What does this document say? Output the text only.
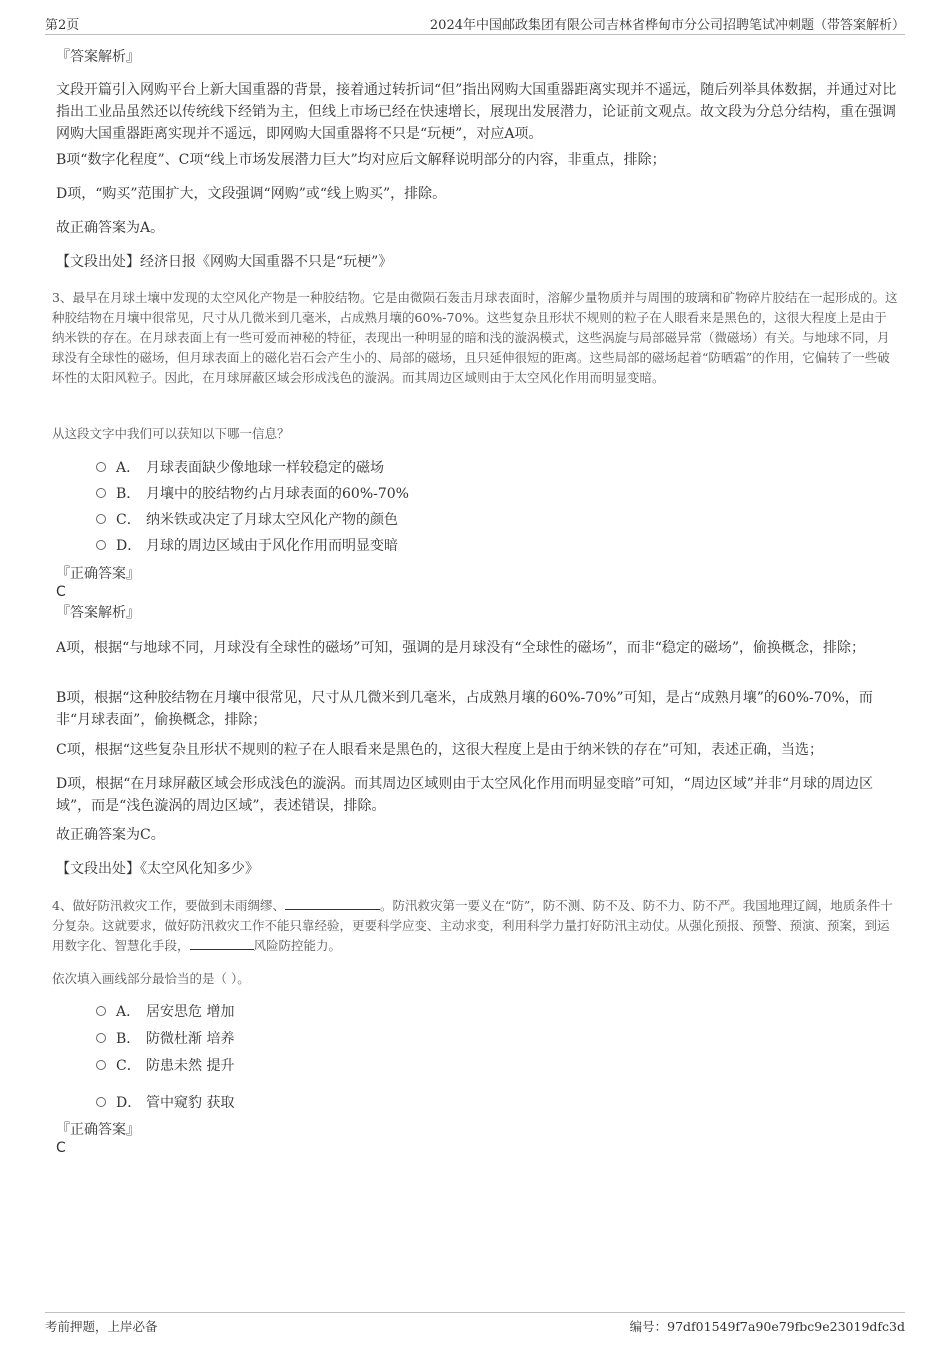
第2页	2024年中国邮政集团有限公司吉林省桦甸市分公司招聘笔试冲刺题（带答案解析）
『答案解析』

文段开篇引入网购平台上新大国重器的背景，接着通过转折词“但”指出网购大国重器距离实现并不遥远，随后列举具体数据，并通过对比指出工业品虽然还以传统线下经销为主，但线上市场已经在快速增长，展现出发展潜力，论证前文观点。故文段为分总分结构，重在强调网购大国重器距离实现并不遥远，即网购大国重器将不只是“玩梗”，对应A项。

B项“数字化程度”、C项“线上市场发展潜力巨大”均对应后文解释说明部分的内容，非重点，排除；

D项，“购买”范围扩大，文段强调“网购”或“线上购买”，排除。

故正确答案为A。

【文段出处】经济日报《网购大国重器不只是“玩梗”》

3、最早在月球土壤中发现的太空风化产物是一种胶结物。它是由微陨石轰击月球表面时，溶解少量物质并与周围的玻璃和矿物碎片胶结在一起形成的。这种胶结物在月壤中很常见，尺寸从几微米到几毫米，占成熟月壤的60%-70%。这些复杂且形状不规则的粒子在人眼看来是黑色的，这很大程度上是由于纳米铁的存在。在月球表面上有一些可爱而神秘的特征，表现出一种明显的暗和浅的漩涡模式，这些涡旋与局部磁异常（微磁场）有关。与地球不同，月球没有全球性的磁场，但月球表面上的磁化岩石会产生小的、局部的磁场，且只延伸很短的距离。这些局部的磁场起着“防晒霜”的作用，它偏转了一些破坏性的太阳风粒子。因此，在月球屏蔽区域会形成浅色的漩涡。而其周边区域则由于太空风化作用而明显变暗。

从这段文字中我们可以获知以下哪一信息？

A． 月球表面缺少像地球一样较稳定的磁场
B． 月壤中的胶结物约占月球表面的60%-70%
C． 纳米铁或决定了月球太空风化产物的颜色
D． 月球的周边区域由于风化作用而明显变暗
『正确答案』
C
『答案解析』

A项，根据“与地球不同，月球没有全球性的磁场”可知，强调的是月球没有“全球性的磁场”，而非“稳定的磁场”，偷换概念，排除；

B项，根据“这种胶结物在月壤中很常见，尺寸从几微米到几毫米，占成熟月壤的60%-70%”可知，是占“成熟月壤”的60%-70%，而非“月球表面”，偷换概念，排除；

C项，根据“这些复杂且形状不规则的粒子在人眼看来是黑色的，这很大程度上是由于纳米铁的存在”可知，表述正确，当选；

D项，根据“在月球屏蔽区域会形成浅色的漩涡。而其周边区域则由于太空风化作用而明显变暗”可知，“周边区域”并非“月球的周边区域”，而是“浅色漩涡的周边区域”，表述错误，排除。

故正确答案为C。

【文段出处】《太空风化知多少》

4、做好防汛救灾工作，要做到未雨绸缪、	。防汛救灾第一要义在“防”，防不测、防不及、防不力、防不严。我国地理辽阔，地质条件十分复杂。这就要求，做好防汛救灾工作不能只靠经验，更要科学应变、主动求变，利用科学力量打好防汛主动仗。从强化预报、预警、预演、预案，到运用数字化、智慧化手段，	风险防控能力。

依次填入画线部分最恰当的是（ ）。

A． 居安思危 增加
B． 防微杜渐 培养
C． 防患未然 提升
D． 管中窥豹 获取
『正确答案』
C
考前押题，上岸必备	编号：97df01549f7a90e79fbc9e23019dfc3d
